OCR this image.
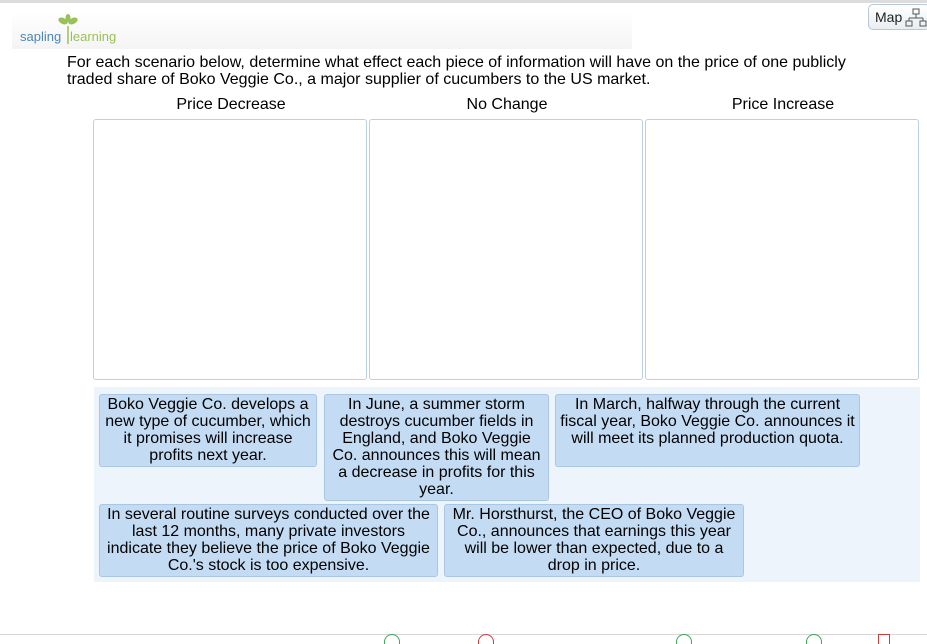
sapling learning
Map
For each scenario below, determine what effect each piece of information will have on the price of one publicly traded share of Boko Veggie Co., a major supplier of cucumbers to the US market.
Price Decrease	No Change	Price Increase
Boko Veggie Co. develops a new type of cucumber, which it promises will increase profits next year.
In June, a summer storm destroys cucumber fields in England, and Boko Veggie Co. announces this will mean a decrease in profits for this year.
In March, halfway through the current fiscal year, Boko Veggie Co. announces it will meet its planned production quota.
In several routine surveys conducted over the last 12 months, many private investors indicate they believe the price of Boko Veggie Co.'s stock is too expensive.
Mr. Horsthurst, the CEO of Boko Veggie Co., announces that earnings this year will be lower than expected, due to a drop in price.
